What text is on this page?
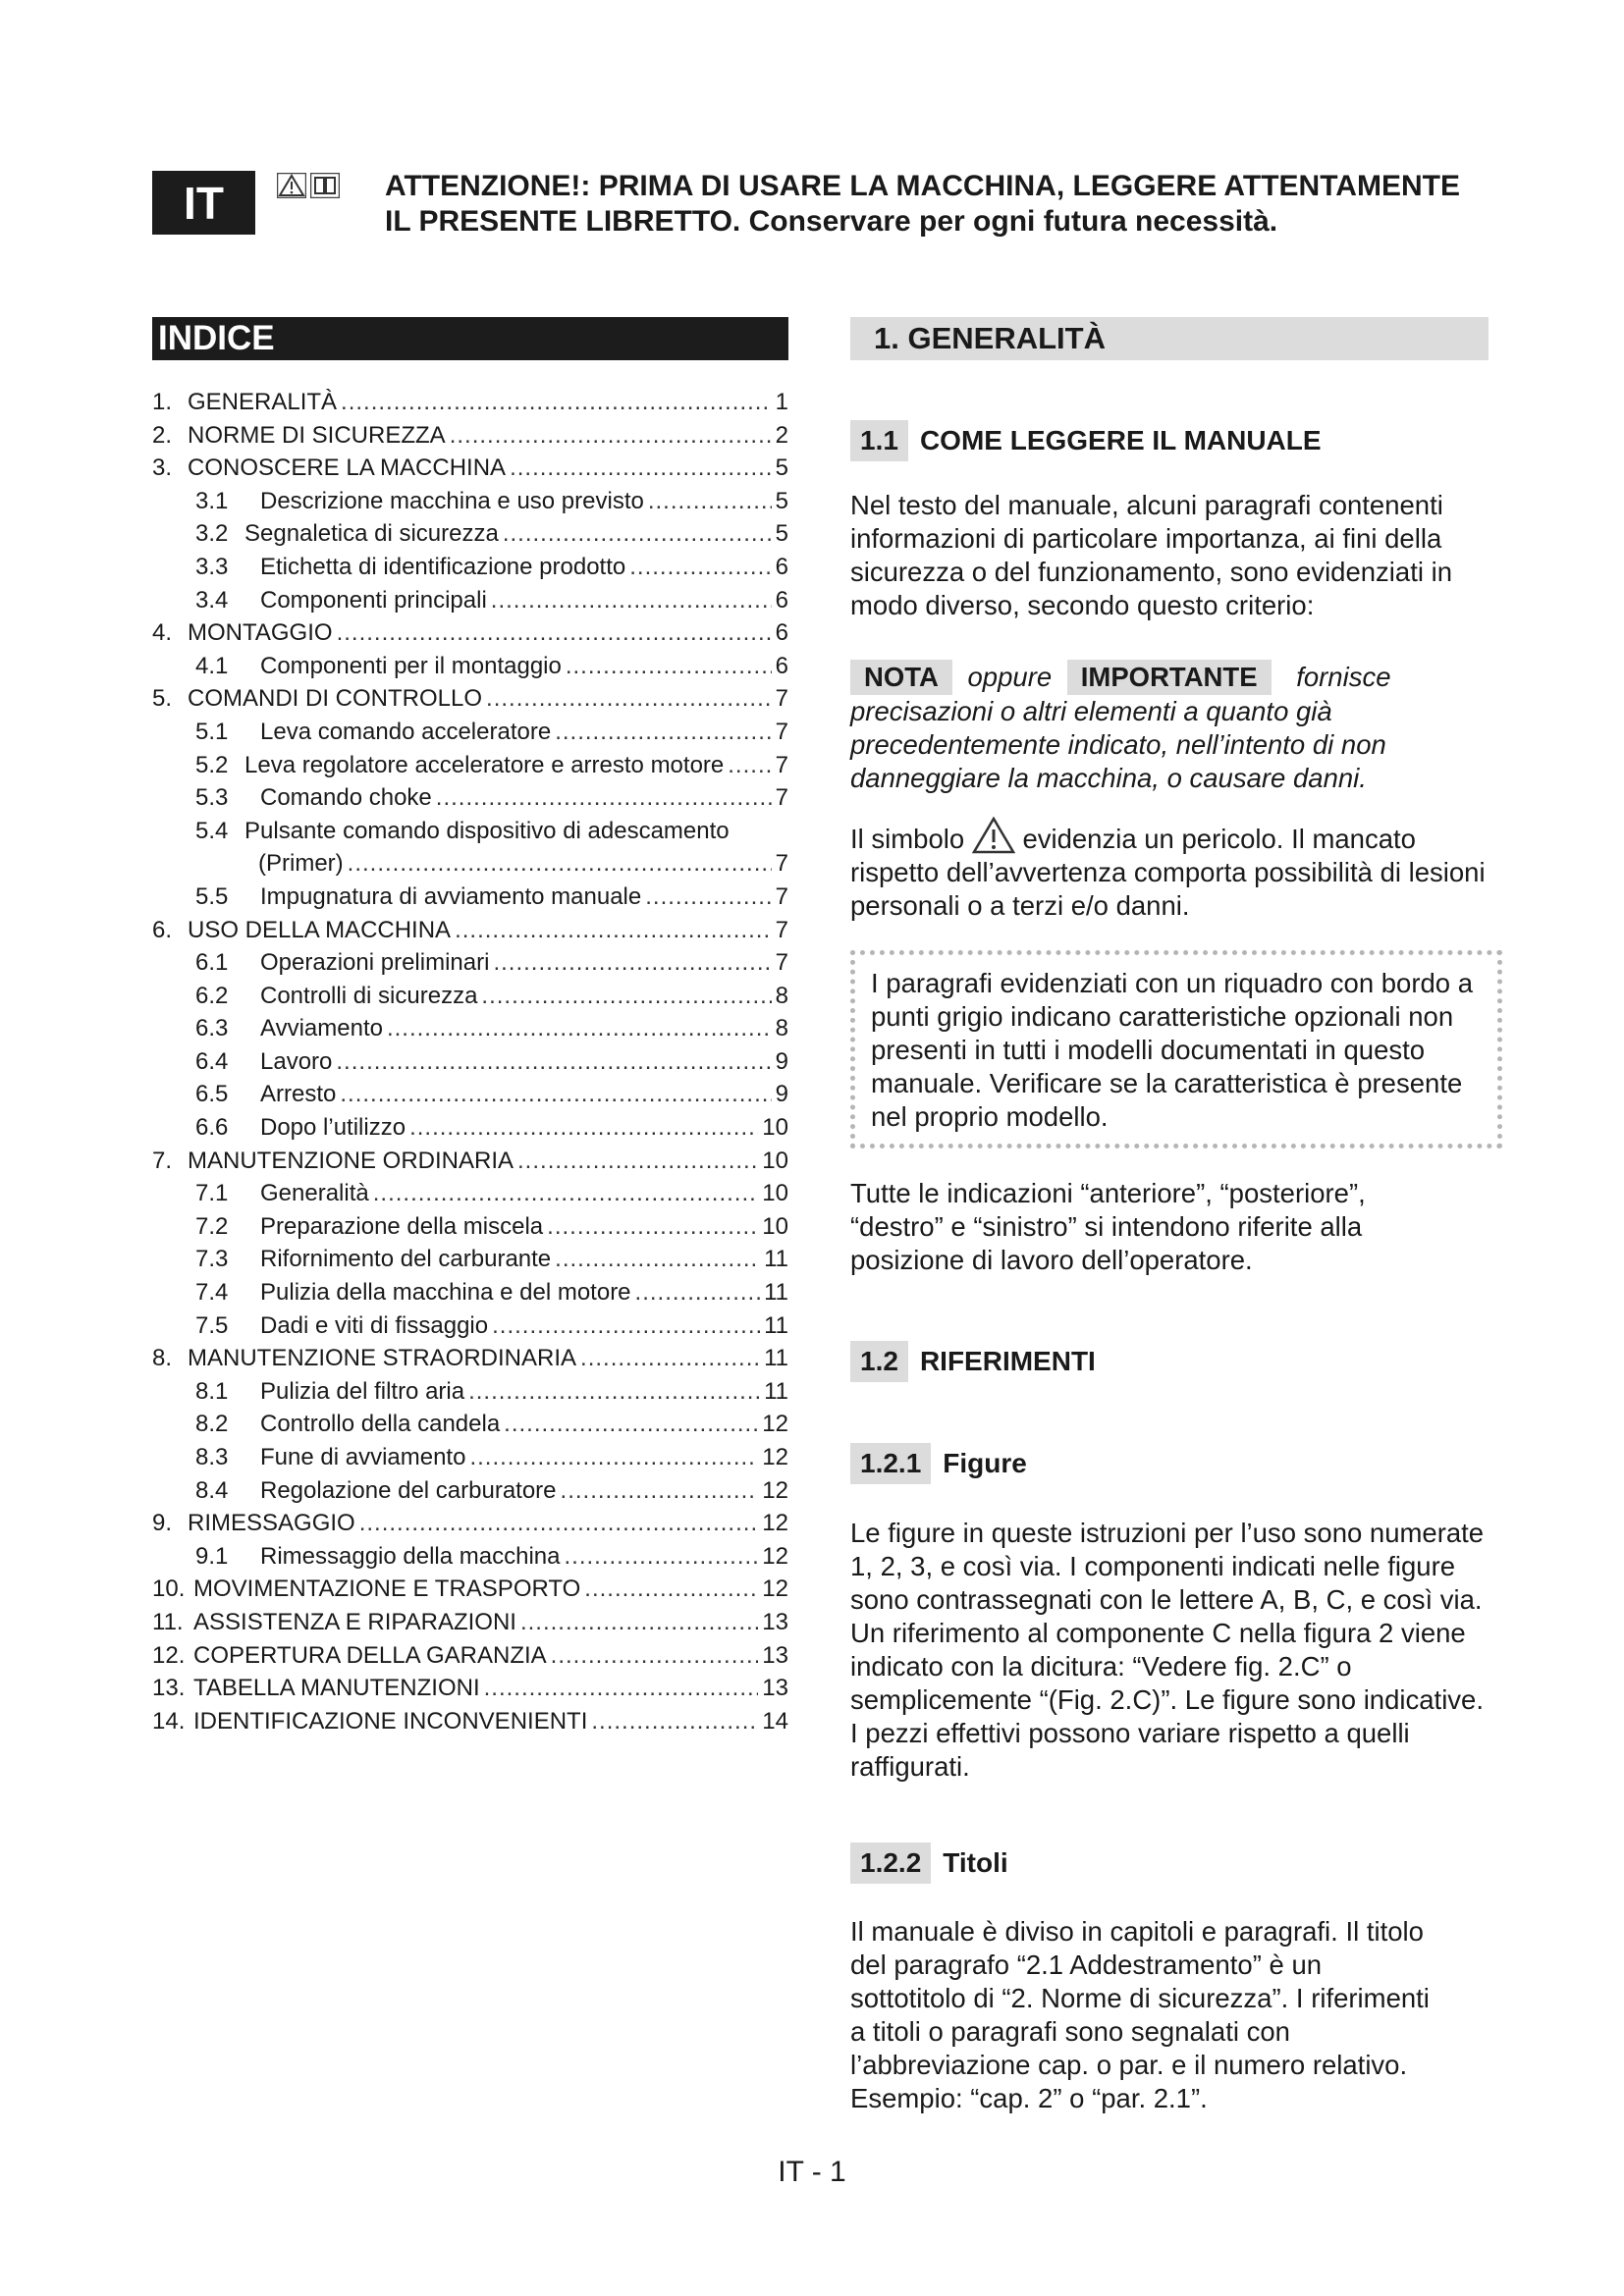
IT	ATTENZIONE!: PRIMA DI USARE LA MACCHINA, LEGGERE ATTENTAMENTE
IL PRESENTE LIBRETTO. Conservare per ogni futura necessità.
INDICE
1. GENERALITÀ .....	1
2. NORME DI SICUREZZA .....	2
3. CONOSCERE LA MACCHINA .....	5
3.1	Descrizione macchina e uso previsto .....	5
3.2 Segnaletica di sicurezza .....	5
3.3	Etichetta di identificazione prodotto .....	6
3.4	Componenti principali .....	6
4. MONTAGGIO .....	6
4.1	Componenti per il montaggio .....	6
5. COMANDI DI CONTROLLO .....	7
5.1	Leva comando acceleratore .....	7
5.2 Leva regolatore acceleratore e arresto motore ..... 7
5.3	Comando choke .....	7
5.4 Pulsante comando dispositivo di adescamento
(Primer) .....	7
5.5	Impugnatura di avviamento manuale .....	7
6. USO DELLA MACCHINA .....	7
6.1	Operazioni preliminari .....	7
6.2	Controlli di sicurezza .....	8
6.3	Avviamento .....	8
6.4	Lavoro .....	9
6.5	Arresto .....	9
6.6	Dopo l’utilizzo .....	10
7. MANUTENZIONE ORDINARIA .....	10
7.1	Generalità .....	10
7.2	Preparazione della miscela .....	10
7.3	Rifornimento del carburante .....	11
7.4	Pulizia della macchina e del motore .....	11
7.5	Dadi e viti di fissaggio .....	11
8. MANUTENZIONE STRAORDINARIA .....	11
8.1	Pulizia del filtro aria .....	11
8.2	Controllo della candela .....	12
8.3	Fune di avviamento .....	12
8.4	Regolazione del carburatore .....	12
9. RIMESSAGGIO .....	12
9.1	Rimessaggio della macchina .....	12
10. MOVIMENTAZIONE E TRASPORTO .....	12
11. ASSISTENZA E RIPARAZIONI .....	13
12. COPERTURA DELLA GARANZIA .....	13
13. TABELLA MANUTENZIONI .....	13
14. IDENTIFICAZIONE INCONVENIENTI .....	14
1. GENERALITÀ
1.1 COME LEGGERE IL MANUALE

Nel testo del manuale, alcuni paragrafi contenenti informazioni di particolare importanza, ai fini della sicurezza o del funzionamento, sono evidenziati in modo diverso, secondo questo criterio:

NOTA oppure IMPORTANTE fornisce precisazioni o altri elementi a quanto già precedentemente indicato, nell’intento di non danneggiare la macchina, o causare danni.

Il simbolo evidenzia un pericolo. Il mancato rispetto dell’avvertenza comporta possibilità di lesioni personali o a terzi e/o danni.

I paragrafi evidenziati con un riquadro con bordo a punti grigio indicano caratteristiche opzionali non presenti in tutti i modelli documentati in questo manuale. Verificare se la caratteristica è presente nel proprio modello.

Tutte le indicazioni “anteriore”, “posteriore”, “destro” e “sinistro” si intendono riferite alla posizione di lavoro dell’operatore.

1.2 RIFERIMENTI
1.2.1 Figure

Le figure in queste istruzioni per l’uso sono numerate 1, 2, 3, e così via. I componenti indicati nelle figure sono contrassegnati con le lettere A, B, C, e così via. Un riferimento al componente C nella figura 2 viene indicato con la dicitura: “Vedere fig. 2.C” o semplicemente “(Fig. 2.C)”. Le figure sono indicative. I pezzi effettivi possono variare rispetto a quelli raffigurati.

1.2.2 Titoli

Il manuale è diviso in capitoli e paragrafi. Il titolo del paragrafo “2.1 Addestramento” è un sottotitolo di “2. Norme di sicurezza”. I riferimenti a titoli o paragrafi sono segnalati con l’abbreviazione cap. o par. e il numero relativo. Esempio: “cap. 2” o “par. 2.1”.

IT - 1
